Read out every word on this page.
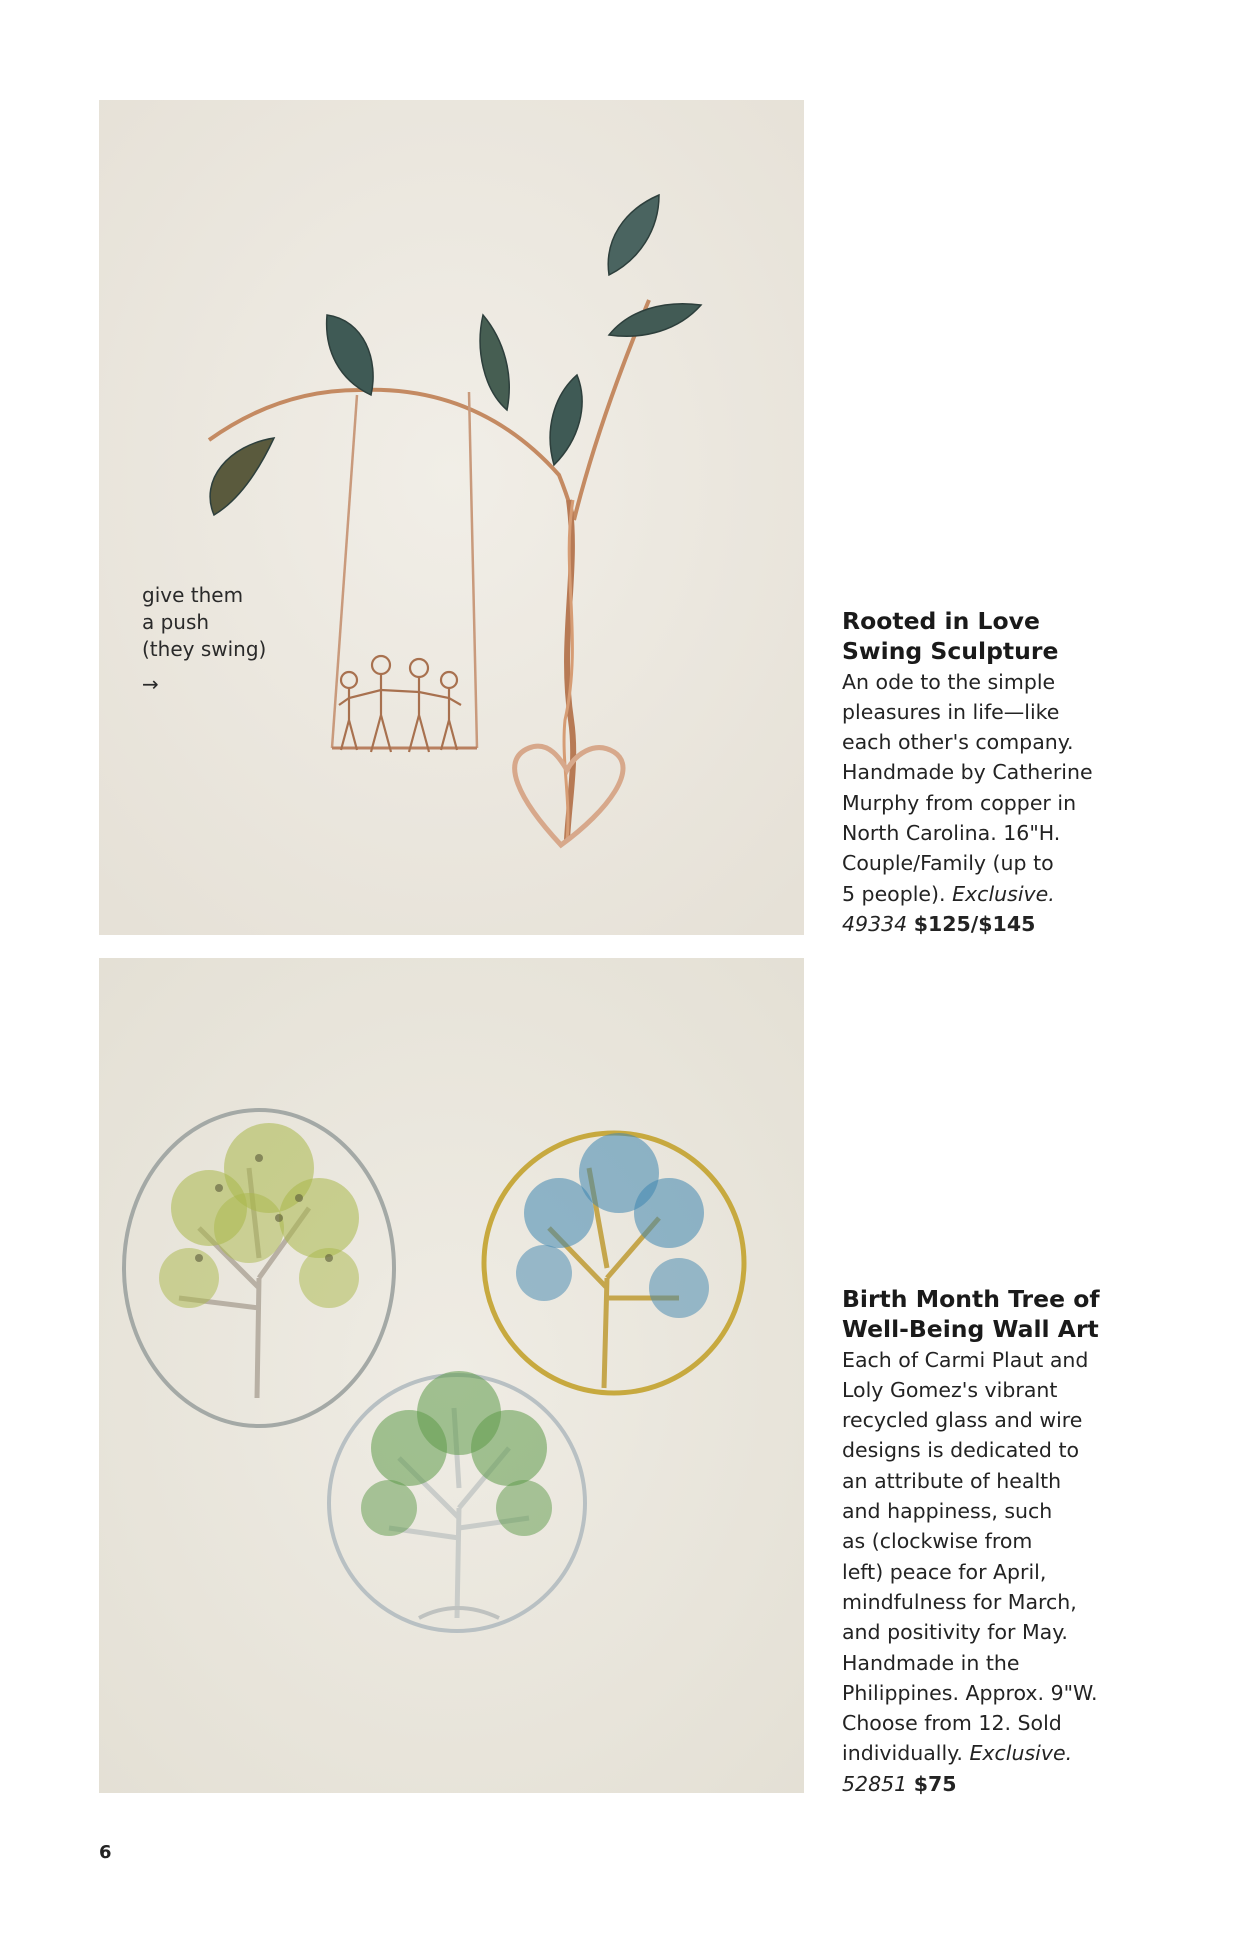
give them
a push
(they swing)
→
Rooted in Love
Swing Sculpture
An ode to the simple
pleasures in life—like
each other's company.
Handmade by Catherine
Murphy from copper in
North Carolina. 16"H.
Couple/Family (up to
5 people). Exclusive.
49334 $125/$145
Birth Month Tree of
Well-Being Wall Art
Each of Carmi Plaut and
Loly Gomez's vibrant
recycled glass and wire
designs is dedicated to
an attribute of health
and happiness, such
as (clockwise from
left) peace for April,
mindfulness for March,
and positivity for May.
Handmade in the
Philippines. Approx. 9"W.
Choose from 12. Sold
individually. Exclusive.
52851 $75
6
